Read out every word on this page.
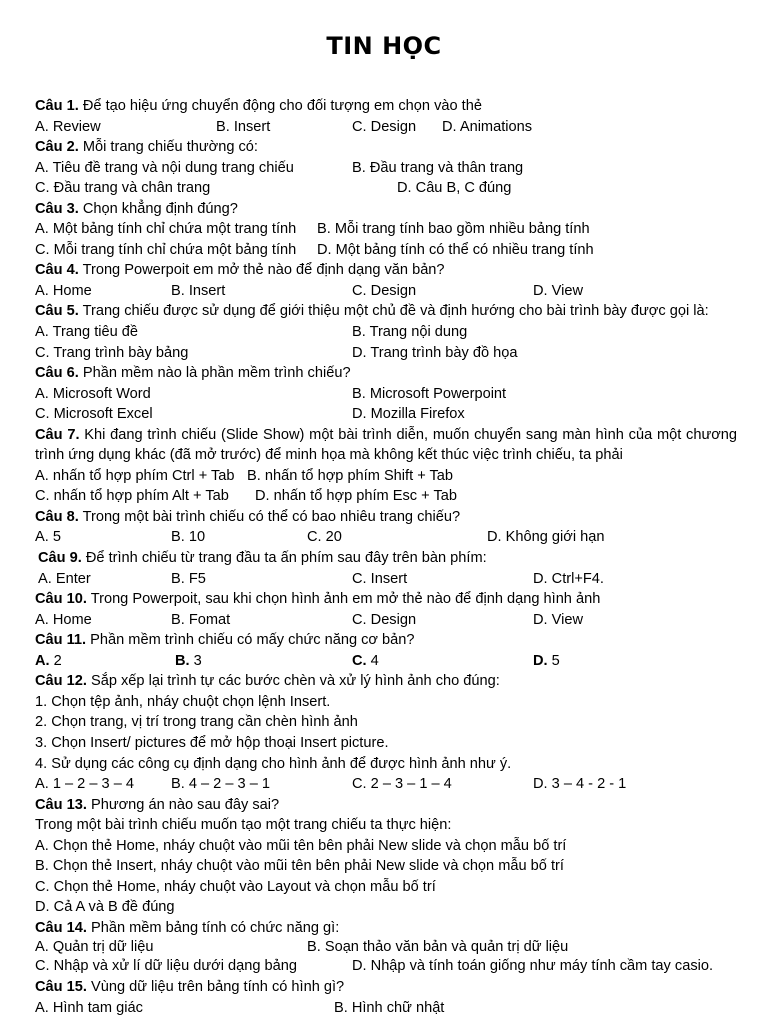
TIN HỌC
Câu 1. Để tạo hiệu ứng chuyển động cho đối tượng em chọn vào thẻ
A. Review	B. Insert	C. Design D. Animations
Câu 2. Mỗi trang chiếu thường có:
A. Tiêu đề trang và nội dung trang chiếu	B. Đầu trang và thân trang
C. Đầu trang và chân trang	D. Câu B, C đúng
Câu 3. Chọn khẳng định đúng?
A. Một bảng tính chỉ chứa một trang tính B. Mỗi trang tính bao gồm nhiều bảng tính
C. Mỗi trang tính chỉ chứa một bảng tính D. Một bảng tính có thể có nhiều trang tính
Câu 4. Trong Powerpoit em mở thẻ nào để định dạng văn bản?
A. Home	B. Insert	C. Design	D. View
Câu 5. Trang chiếu được sử dụng để giới thiệu một chủ đề và định hướng cho bài trình bày được gọi là:
A. Trang tiêu đề	B. Trang nội dung
C. Trang trình bày bảng	D. Trang trình bày đồ họa
Câu 6. Phần mềm nào là phần mềm trình chiếu?
A. Microsoft Word	B. Microsoft Powerpoint
C. Microsoft Excel	D. Mozilla Firefox
Câu 7. Khi đang trình chiếu (Slide Show) một bài trình diễn, muốn chuyển sang màn hình của một chương trình ứng dụng khác (đã mở trước) để minh họa mà không kết thúc việc trình chiếu, ta phải
A. nhấn tổ hợp phím Ctrl + Tab B. nhấn tổ hợp phím Shift + Tab
C. nhấn tổ hợp phím Alt + Tab D. nhấn tổ hợp phím Esc + Tab
Câu 8. Trong một bài trình chiếu có thể có bao nhiêu trang chiếu?
A. 5	B. 10	C. 20	D. Không giới hạn
Câu 9. Để trình chiếu từ trang đầu ta ấn phím sau đây trên bàn phím:
A. Enter	B. F5	C. Insert	D. Ctrl+F4.
Câu 10. Trong Powerpoit, sau khi chọn hình ảnh em mở thẻ nào để định dạng hình ảnh
A. Home	B. Fomat	C. Design	D. View
Câu 11. Phần mềm trình chiếu có mấy chức năng cơ bản?
A. 2	B. 3	C. 4	D. 5
Câu 12. Sắp xếp lại trình tự các bước chèn và xử lý hình ảnh cho đúng:
1. Chọn tệp ảnh, nháy chuột chọn lệnh Insert.
2. Chọn trang, vị trí trong trang cần chèn hình ảnh
3. Chọn Insert/ pictures để mở hộp thoại Insert picture.
4. Sử dụng các công cụ định dạng cho hình ảnh để được hình ảnh như ý.
A. 1 – 2 – 3 – 4	B. 4 – 2 – 3 – 1	C. 2 – 3 – 1 – 4	D. 3 – 4 - 2 - 1
Câu 13. Phương án nào sau đây sai?
Trong một bài trình chiếu muốn tạo một trang chiếu ta thực hiện:
A. Chọn thẻ Home, nháy chuột vào mũi tên bên phải New slide và chọn mẫu bố trí
B. Chọn thẻ Insert, nháy chuột vào mũi tên bên phải New slide và chọn mẫu bố trí
C. Chọn thẻ Home, nháy chuột vào Layout và chọn mẫu bố trí
D. Cả A và B đề đúng
Câu 14. Phần mềm bảng tính có chức năng gì:
A. Quản trị dữ liệu	B. Soạn thảo văn bản và quản trị dữ liệu
C. Nhập và xử lí dữ liệu dưới dạng bảng	D. Nhập và tính toán giống như máy tính cầm tay casio.
Câu 15. Vùng dữ liệu trên bảng tính có hình gì?
A. Hình tam giác	B. Hình chữ nhật
